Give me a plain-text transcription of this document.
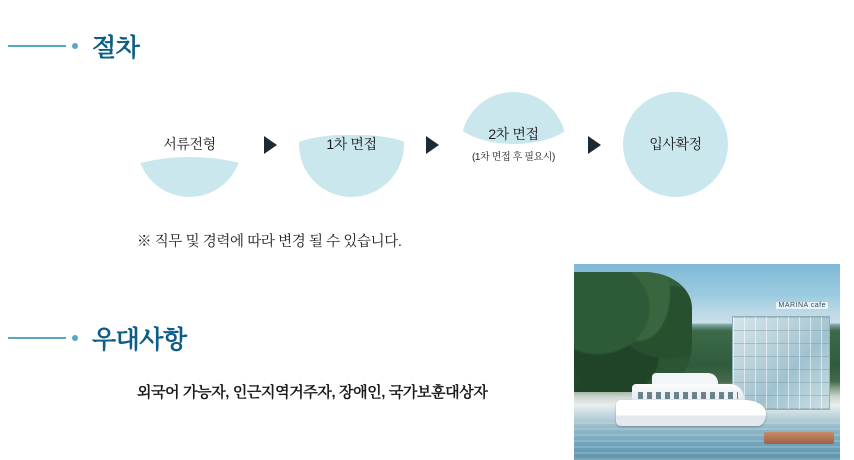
절차
서류전형	1차 면접
2차 면접
(1차 면접 후 필요시)
입사확정
※ 직무 및 경력에 따라 변경 될 수 있습니다.
우대사항
외국어 가능자, 인근지역거주자, 장애인, 국가보훈대상자
MARINA cafe
